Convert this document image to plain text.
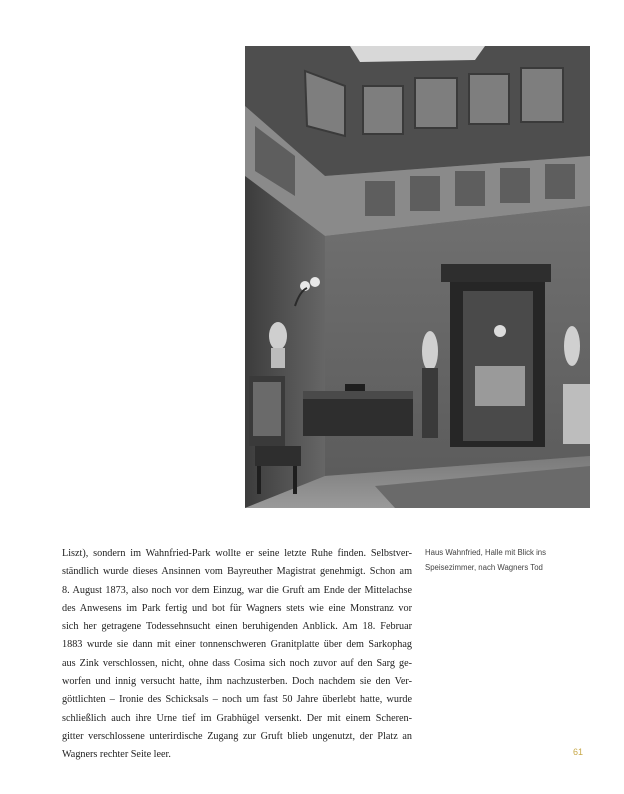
Liszt), sondern im Wahnfried-Park wollte er seine letzte Ruhe finden. Selbstver-
ständlich wurde dieses Ansinnen vom Bayreuther Magistrat genehmigt. Schon am
8. August 1873, also noch vor dem Einzug, war die Gruft am Ende der Mittelachse
des Anwesens im Park fertig und bot für Wagners stets wie eine Monstranz vor
sich her getragene Todessehnsucht einen beruhigenden Anblick. Am 18. Februar
1883 wurde sie dann mit einer tonnenschweren Granitplatte über dem Sarkophag
aus Zink verschlossen, nicht, ohne dass Cosima sich noch zuvor auf den Sarg ge-
worfen und innig versucht hatte, ihm nachzusterben. Doch nachdem sie den Ver-
göttlichten – Ironie des Schicksals – noch um fast 50 Jahre überlebt hatte, wurde
schließlich auch ihre Urne tief im Grabhügel versenkt. Der mit einem Scheren-
gitter verschlossene unterirdische Zugang zur Gruft blieb ungenutzt, der Platz an
Wagners rechter Seite leer.
Haus Wahnfried, Halle mit Blick ins
Speisezimmer, nach Wagners Tod
61
